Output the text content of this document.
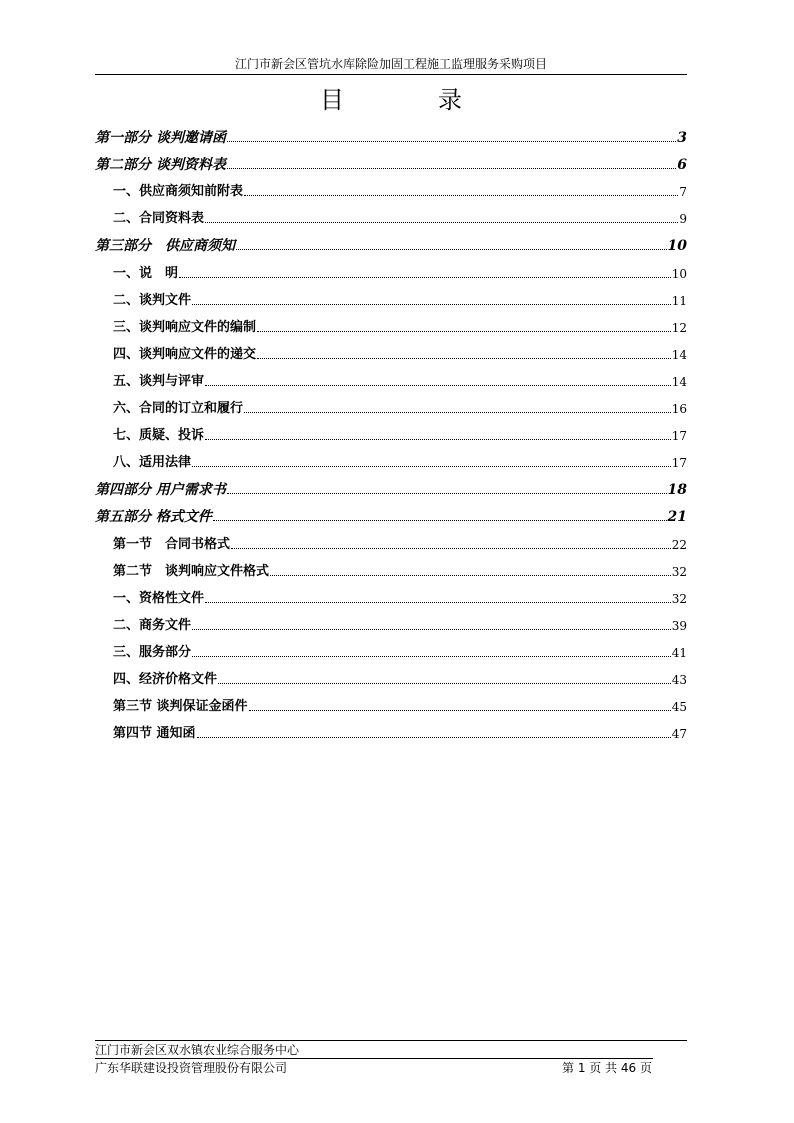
江门市新会区管坑水库除险加固工程施工监理服务采购项目
目录
第一部分 谈判邀请函	3
第二部分 谈判资料表	6
一、供应商须知前附表	7
二、合同资料表	9
第三部分　供应商须知	10
一、说　明	10
二、谈判文件	11
三、谈判响应文件的编制	12
四、谈判响应文件的递交	14
五、谈判与评审	14
六、合同的订立和履行	16
七、质疑、投诉	17
八、适用法律	17
第四部分 用户需求书	18
第五部分 格式文件	21
第一节　合同书格式	22
第二节　谈判响应文件格式	32
一、资格性文件	32
二、商务文件	39
三、服务部分	41
四、经济价格文件	43
第三节 谈判保证金函件	45
第四节 通知函	47
江门市新会区双水镇农业综合服务中心
广东华联建设投资管理股份有限公司	第 1 页 共 46 页
